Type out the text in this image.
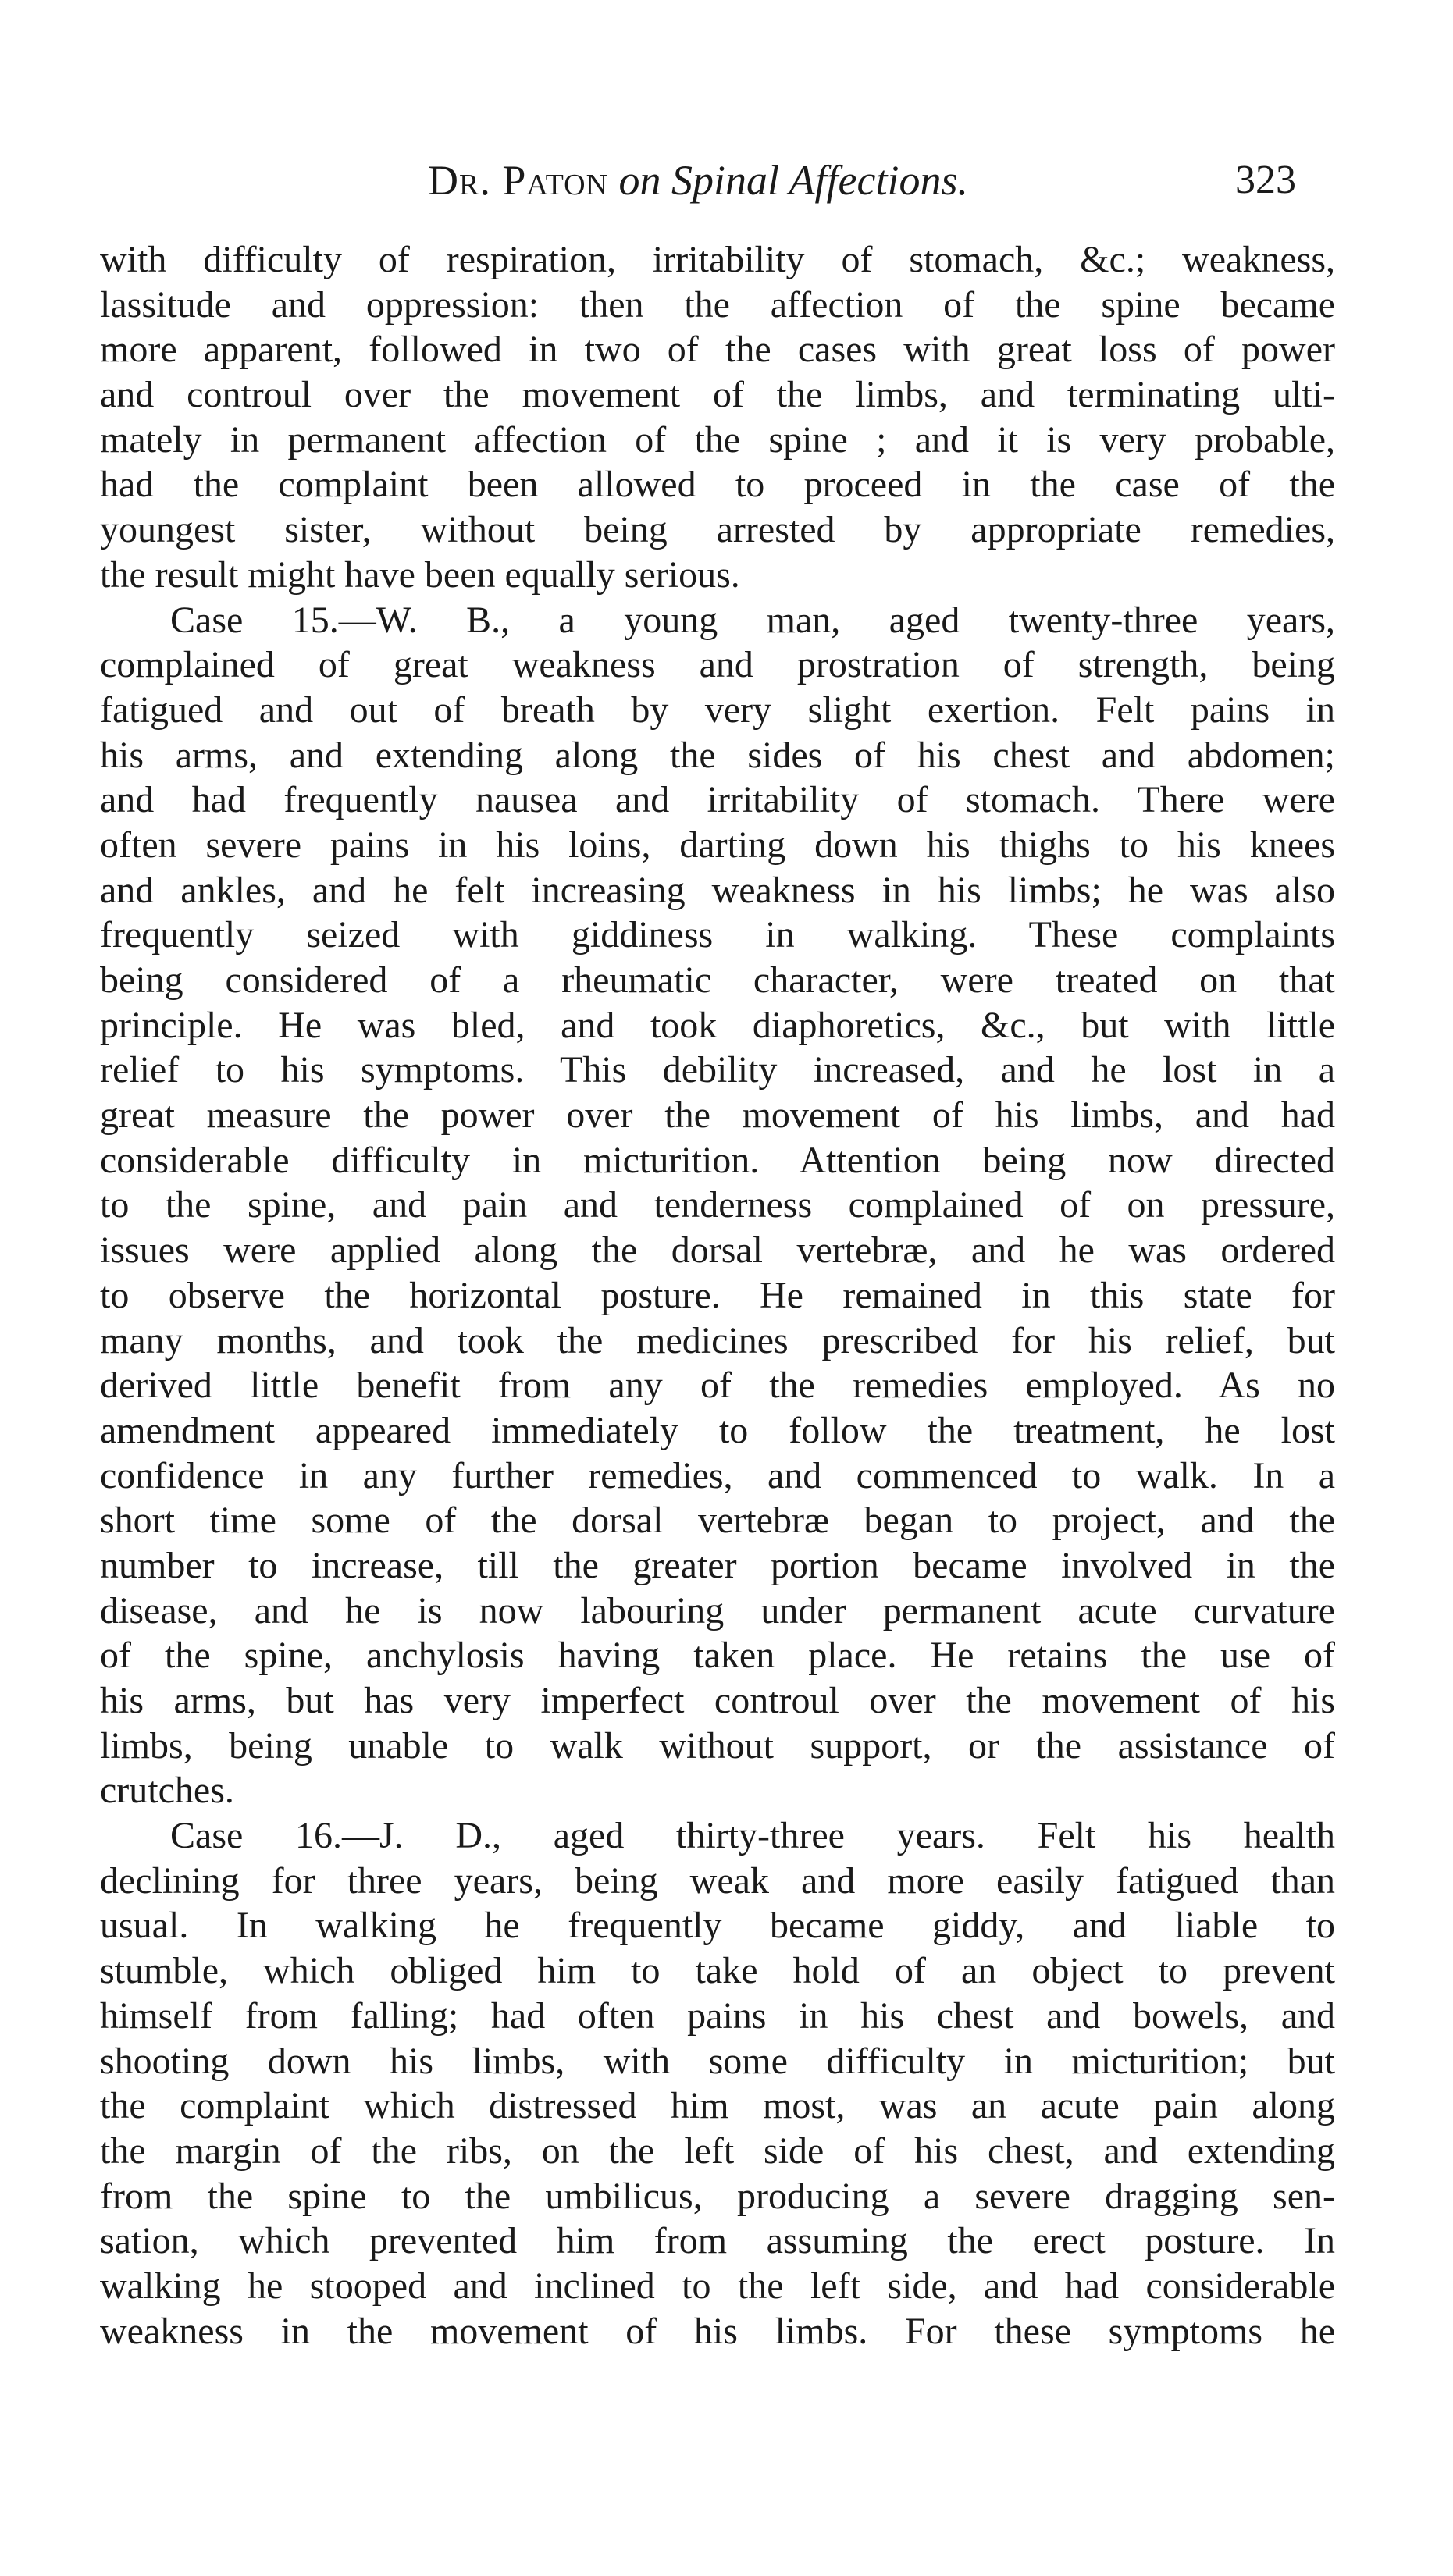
Dr. Paton on Spinal Affections.	323
with difficulty of respiration, irritability of stomach, &c.; weakness,
lassitude and oppression: then the affection of the spine became
more apparent, followed in two of the cases with great loss of power
and controul over the movement of the limbs, and terminating ulti-
mately in permanent affection of the spine ; and it is very probable,
had the complaint been allowed to proceed in the case of the
youngest sister, without being arrested by appropriate remedies,
the result might have been equally serious.
Case 15.—W. B., a young man, aged twenty-three years,
complained of great weakness and prostration of strength, being
fatigued and out of breath by very slight exertion. Felt pains in
his arms, and extending along the sides of his chest and abdomen;
and had frequently nausea and irritability of stomach. There were
often severe pains in his loins, darting down his thighs to his knees
and ankles, and he felt increasing weakness in his limbs; he was also
frequently seized with giddiness in walking. These complaints
being considered of a rheumatic character, were treated on that
principle. He was bled, and took diaphoretics, &c., but with little
relief to his symptoms. This debility increased, and he lost in a
great measure the power over the movement of his limbs, and had
considerable difficulty in micturition. Attention being now directed
to the spine, and pain and tenderness complained of on pressure,
issues were applied along the dorsal vertebræ, and he was ordered
to observe the horizontal posture. He remained in this state for
many months, and took the medicines prescribed for his relief, but
derived little benefit from any of the remedies employed. As no
amendment appeared immediately to follow the treatment, he lost
confidence in any further remedies, and commenced to walk. In a
short time some of the dorsal vertebræ began to project, and the
number to increase, till the greater portion became involved in the
disease, and he is now labouring under permanent acute curvature
of the spine, anchylosis having taken place. He retains the use of
his arms, but has very imperfect controul over the movement of his
limbs, being unable to walk without support, or the assistance of
crutches.
Case 16.—J. D., aged thirty-three years. Felt his health
declining for three years, being weak and more easily fatigued than
usual. In walking he frequently became giddy, and liable to
stumble, which obliged him to take hold of an object to prevent
himself from falling; had often pains in his chest and bowels, and
shooting down his limbs, with some difficulty in micturition; but
the complaint which distressed him most, was an acute pain along
the margin of the ribs, on the left side of his chest, and extending
from the spine to the umbilicus, producing a severe dragging sen-
sation, which prevented him from assuming the erect posture. In
walking he stooped and inclined to the left side, and had considerable
weakness in the movement of his limbs. For these symptoms he
